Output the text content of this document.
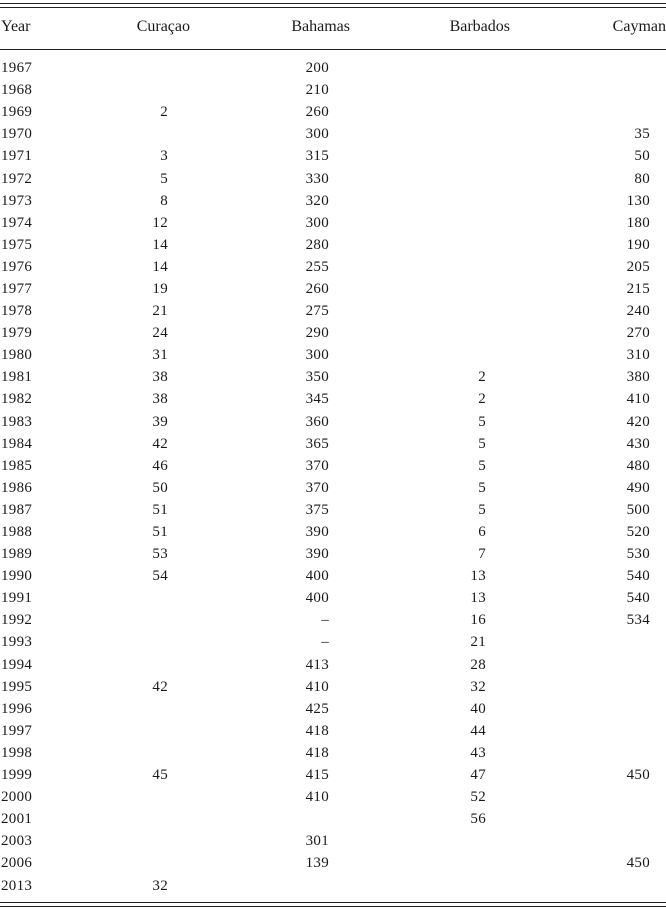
Year	Curaçao	Bahamas	Barbados	Cayman

1967		200		
1968		210		
1969	2	260		
1970		300		35
1971	3	315		50
1972	5	330		80
1973	8	320		130
1974	12	300		180
1975	14	280		190
1976	14	255		205
1977	19	260		215
1978	21	275		240
1979	24	290		270
1980	31	300		310
1981	38	350	2	380
1982	38	345	2	410
1983	39	360	5	420
1984	42	365	5	430
1985	46	370	5	480
1986	50	370	5	490
1987	51	375	5	500
1988	51	390	6	520
1989	53	390	7	530
1990	54	400	13	540
1991		400	13	540
1992		–	16	534
1993		–	21	
1994		413	28	
1995	42	410	32	
1996		425	40	
1997		418	44	
1998		418	43	
1999	45	415	47	450
2000		410	52	
2001			56	
2003		301		
2006		139		450
2013	32			
